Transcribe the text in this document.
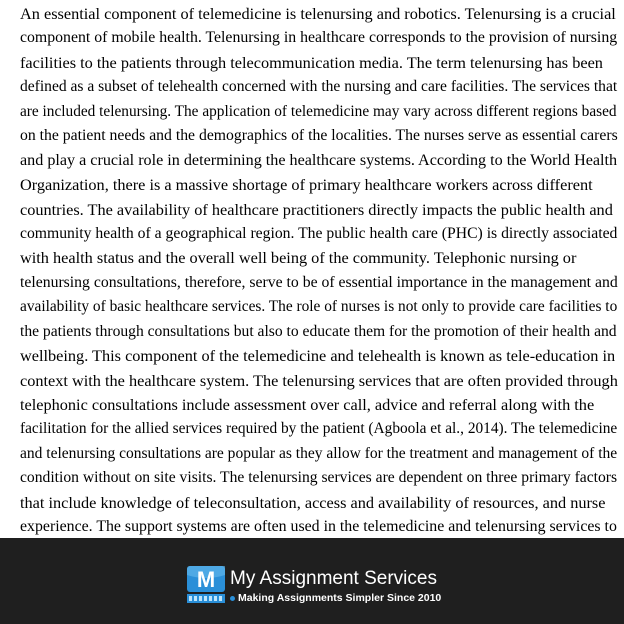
An essential component of telemedicine is telenursing and robotics. Telenursing is a crucial
component of mobile health. Telenursing in healthcare corresponds to the provision of nursing
facilities to the patients through telecommunication media. The term telenursing has been
defined as a subset of telehealth concerned with the nursing and care facilities. The services that
are included telenursing. The application of telemedicine may vary across different regions based
on the patient needs and the demographics of the localities. The nurses serve as essential carers
and play a crucial role in determining the healthcare systems. According to the World Health
Organization, there is a massive shortage of primary healthcare workers across different
countries. The availability of healthcare practitioners directly impacts the public health and
community health of a geographical region. The public health care (PHC) is directly associated
with health status and the overall well being of the community. Telephonic nursing or
telenursing consultations, therefore, serve to be of essential importance in the management and
availability of basic healthcare services. The role of nurses is not only to provide care facilities to
the patients through consultations but also to educate them for the promotion of their health and
wellbeing. This component of the telemedicine and telehealth is known as tele-education in
context with the healthcare system. The telenursing services that are often provided through
telephonic consultations include assessment over call, advice and referral along with the
facilitation for the allied services required by the patient (Agboola et al., 2014). The telemedicine
and telenursing consultations are popular as they allow for the treatment and management of the
condition without on site visits. The telenursing services are dependent on three primary factors
that include knowledge of teleconsultation, access and availability of resources, and nurse
experience. The support systems are often used in the telemedicine and telenursing services to
M My Assignment Services
Making Assignments Simpler Since 2010
